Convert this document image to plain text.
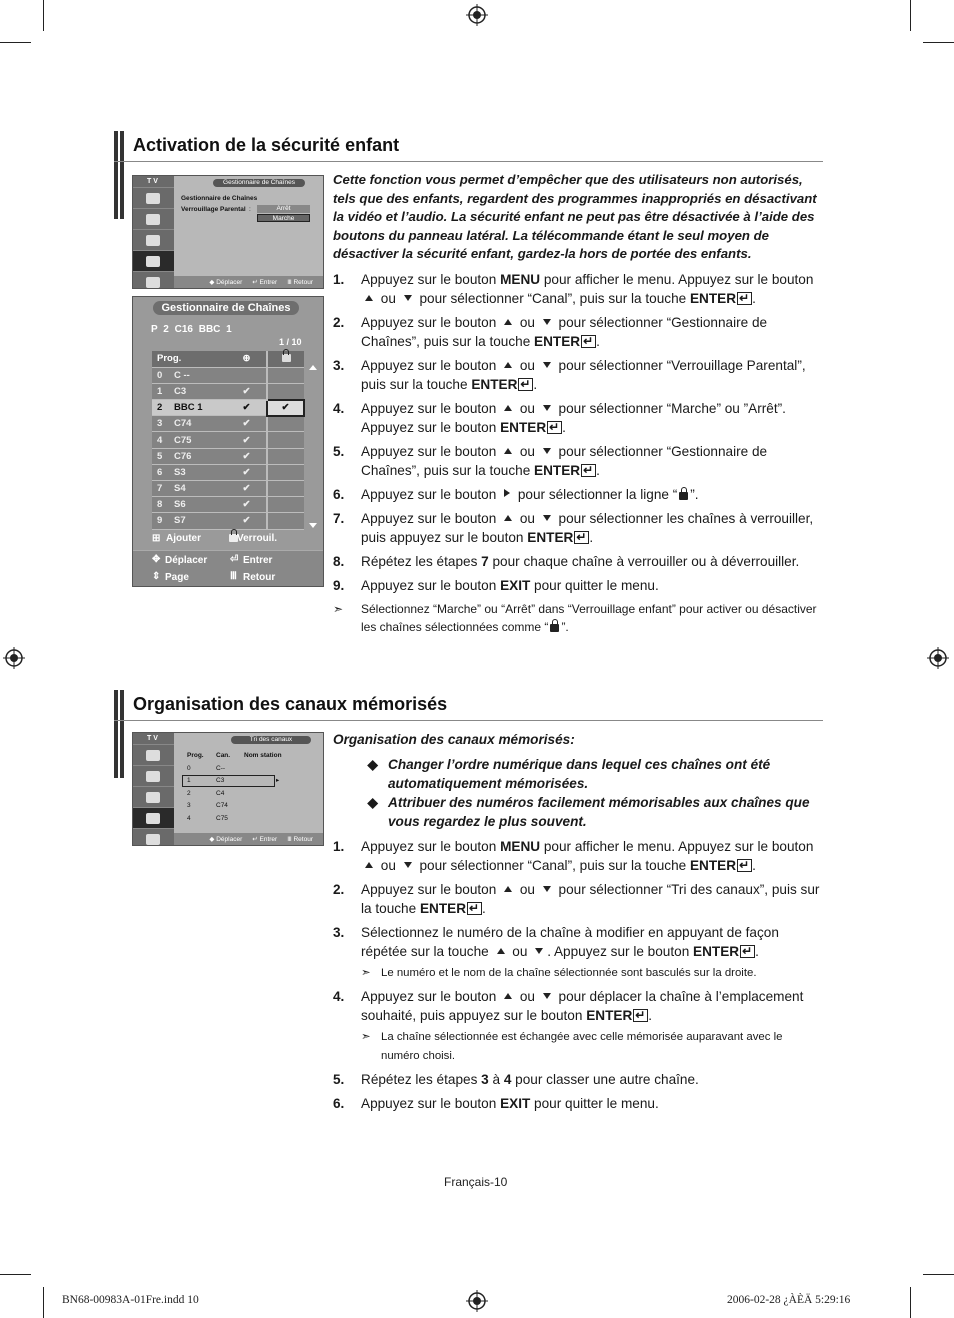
Activation de la sécurité enfant
T V	Gestionnaire de Chaînes
Gestionnaire de Chaînes
Verrouillage Parental :	Arrêt
Marche
◆ Déplacer ↵ Entrer Ⅲ Retour
Gestionnaire de Chaînes
P 2 C16 BBC 1
1 / 10
Prog.		⊕	
0	C --		
1	C3	✔	
2	BBC 1	✔	✔
3	C74	✔	
4	C75	✔	
5	C76	✔	
6	S3	✔	
7	S4	✔	
8	S6	✔	
9	S7	✔	
⊞ Ajouter	Verrouil.
✥ Déplacer ⏎ Entrer
⇕ Page	Ⅲ Retour
Cette fonction vous permet d’empêcher que des utilisateurs non autorisés, tels que des enfants, regardent des programmes inappropriés en désactivant la vidéo et l’audio. La sécurité enfant ne peut pas être désactivée à l’aide des boutons du panneau latéral. La télécommande étant le seul moyen de désactiver la sécurité enfant, gardez-la hors de portée des enfants.
1.	Appuyez sur le bouton MENU pour afficher le menu. Appuyez sur le bouton  ou  pour sélectionner “Canal”, puis sur la touche ENTER ↵ .
2.	Appuyez sur le bouton  ou  pour sélectionner “Gestionnaire de Chaînes”, puis sur la touche ENTER ↵ .
3.	Appuyez sur le bouton  ou  pour sélectionner “Verrouillage Parental”, puis sur la touche ENTER ↵ .
4.	Appuyez sur le bouton  ou  pour sélectionner “Marche” ou ”Arrêt”. Appuyez sur le bouton ENTER ↵ .
5.	Appuyez sur le bouton  ou  pour sélectionner “Gestionnaire de Chaînes”, puis sur la touche ENTER ↵ .
6.	Appuyez sur le bouton  pour sélectionner la ligne “ ”.
7.	Appuyez sur le bouton  ou  pour sélectionner les chaînes à verrouiller, puis appuyez sur le bouton ENTER ↵ .
8.	Répétez les étapes 7 pour chaque chaîne à verrouiller ou à déverrouiller.
9.	Appuyez sur le bouton EXIT pour quitter le menu.
➣	Sélectionnez “Marche” ou “Arrêt” dans “Verrouillage enfant” pour activer ou désactiver les chaînes sélectionnées comme “ ”.
Organisation des canaux mémorisés
T V	Tri des canaux
Prog. Can. Nom station
0	C--
1	C3	▸
2	C4
3	C74
4	C75
◆ Déplacer ↵ Entrer Ⅲ Retour
Organisation des canaux mémorisés:
◆ Changer l’ordre numérique dans lequel ces chaînes ont été automatiquement mémorisées.
◆ Attribuer des numéros facilement mémorisables aux chaînes que vous regardez le plus souvent.
1.	Appuyez sur le bouton MENU pour afficher le menu. Appuyez sur le bouton  ou  pour sélectionner “Canal”, puis sur la touche ENTER ↵ .
2.	Appuyez sur le bouton  ou  pour sélectionner “Tri des canaux”, puis sur la touche ENTER ↵ .
3.	Sélectionnez le numéro de la chaîne à modifier en appuyant de façon répétée sur la touche  ou . Appuyez sur le bouton ENTER ↵ .
➣ Le numéro et le nom de la chaîne sélectionnée sont basculés sur la droite.
4.	Appuyez sur le bouton  ou  pour déplacer la chaîne à l’emplacement souhaité, puis appuyez sur le bouton ENTER ↵ .
➣ La chaîne sélectionnée est échangée avec celle mémorisée auparavant avec le numéro choisi.
5.	Répétez les étapes 3 à 4 pour classer une autre chaîne.
6.	Appuyez sur le bouton EXIT pour quitter le menu.
Français-10
BN68-00983A-01Fre.indd 10	2006-02-28 ¿ÀÈÄ 5:29:16
